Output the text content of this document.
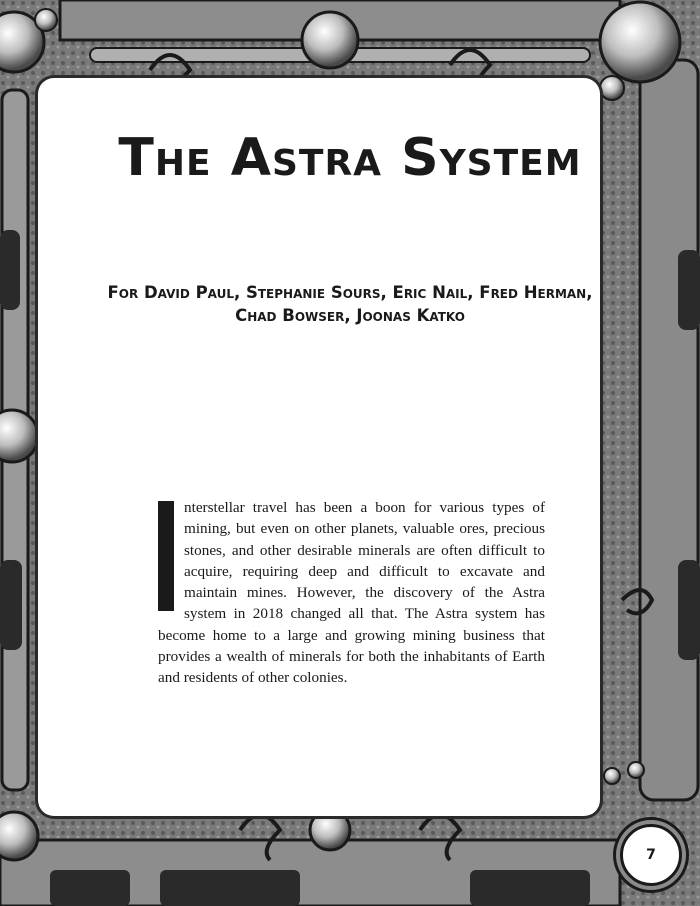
The Astra System
For David Paul, Stephanie Sours, Eric Nail, Fred Herman,
Chad Bowser, Joonas Katko

nterstellar travel has been a boon for various types of mining, but even on other planets, valuable ores, precious stones, and other desirable minerals are often difficult to acquire, requiring deep and difficult to excavate and maintain mines. However, the discovery of the Astra system in 2018 changed all that. The Astra system has become home to a large and growing mining business that provides a wealth of minerals for both the inhabitants of Earth and residents of other colonies.

7
